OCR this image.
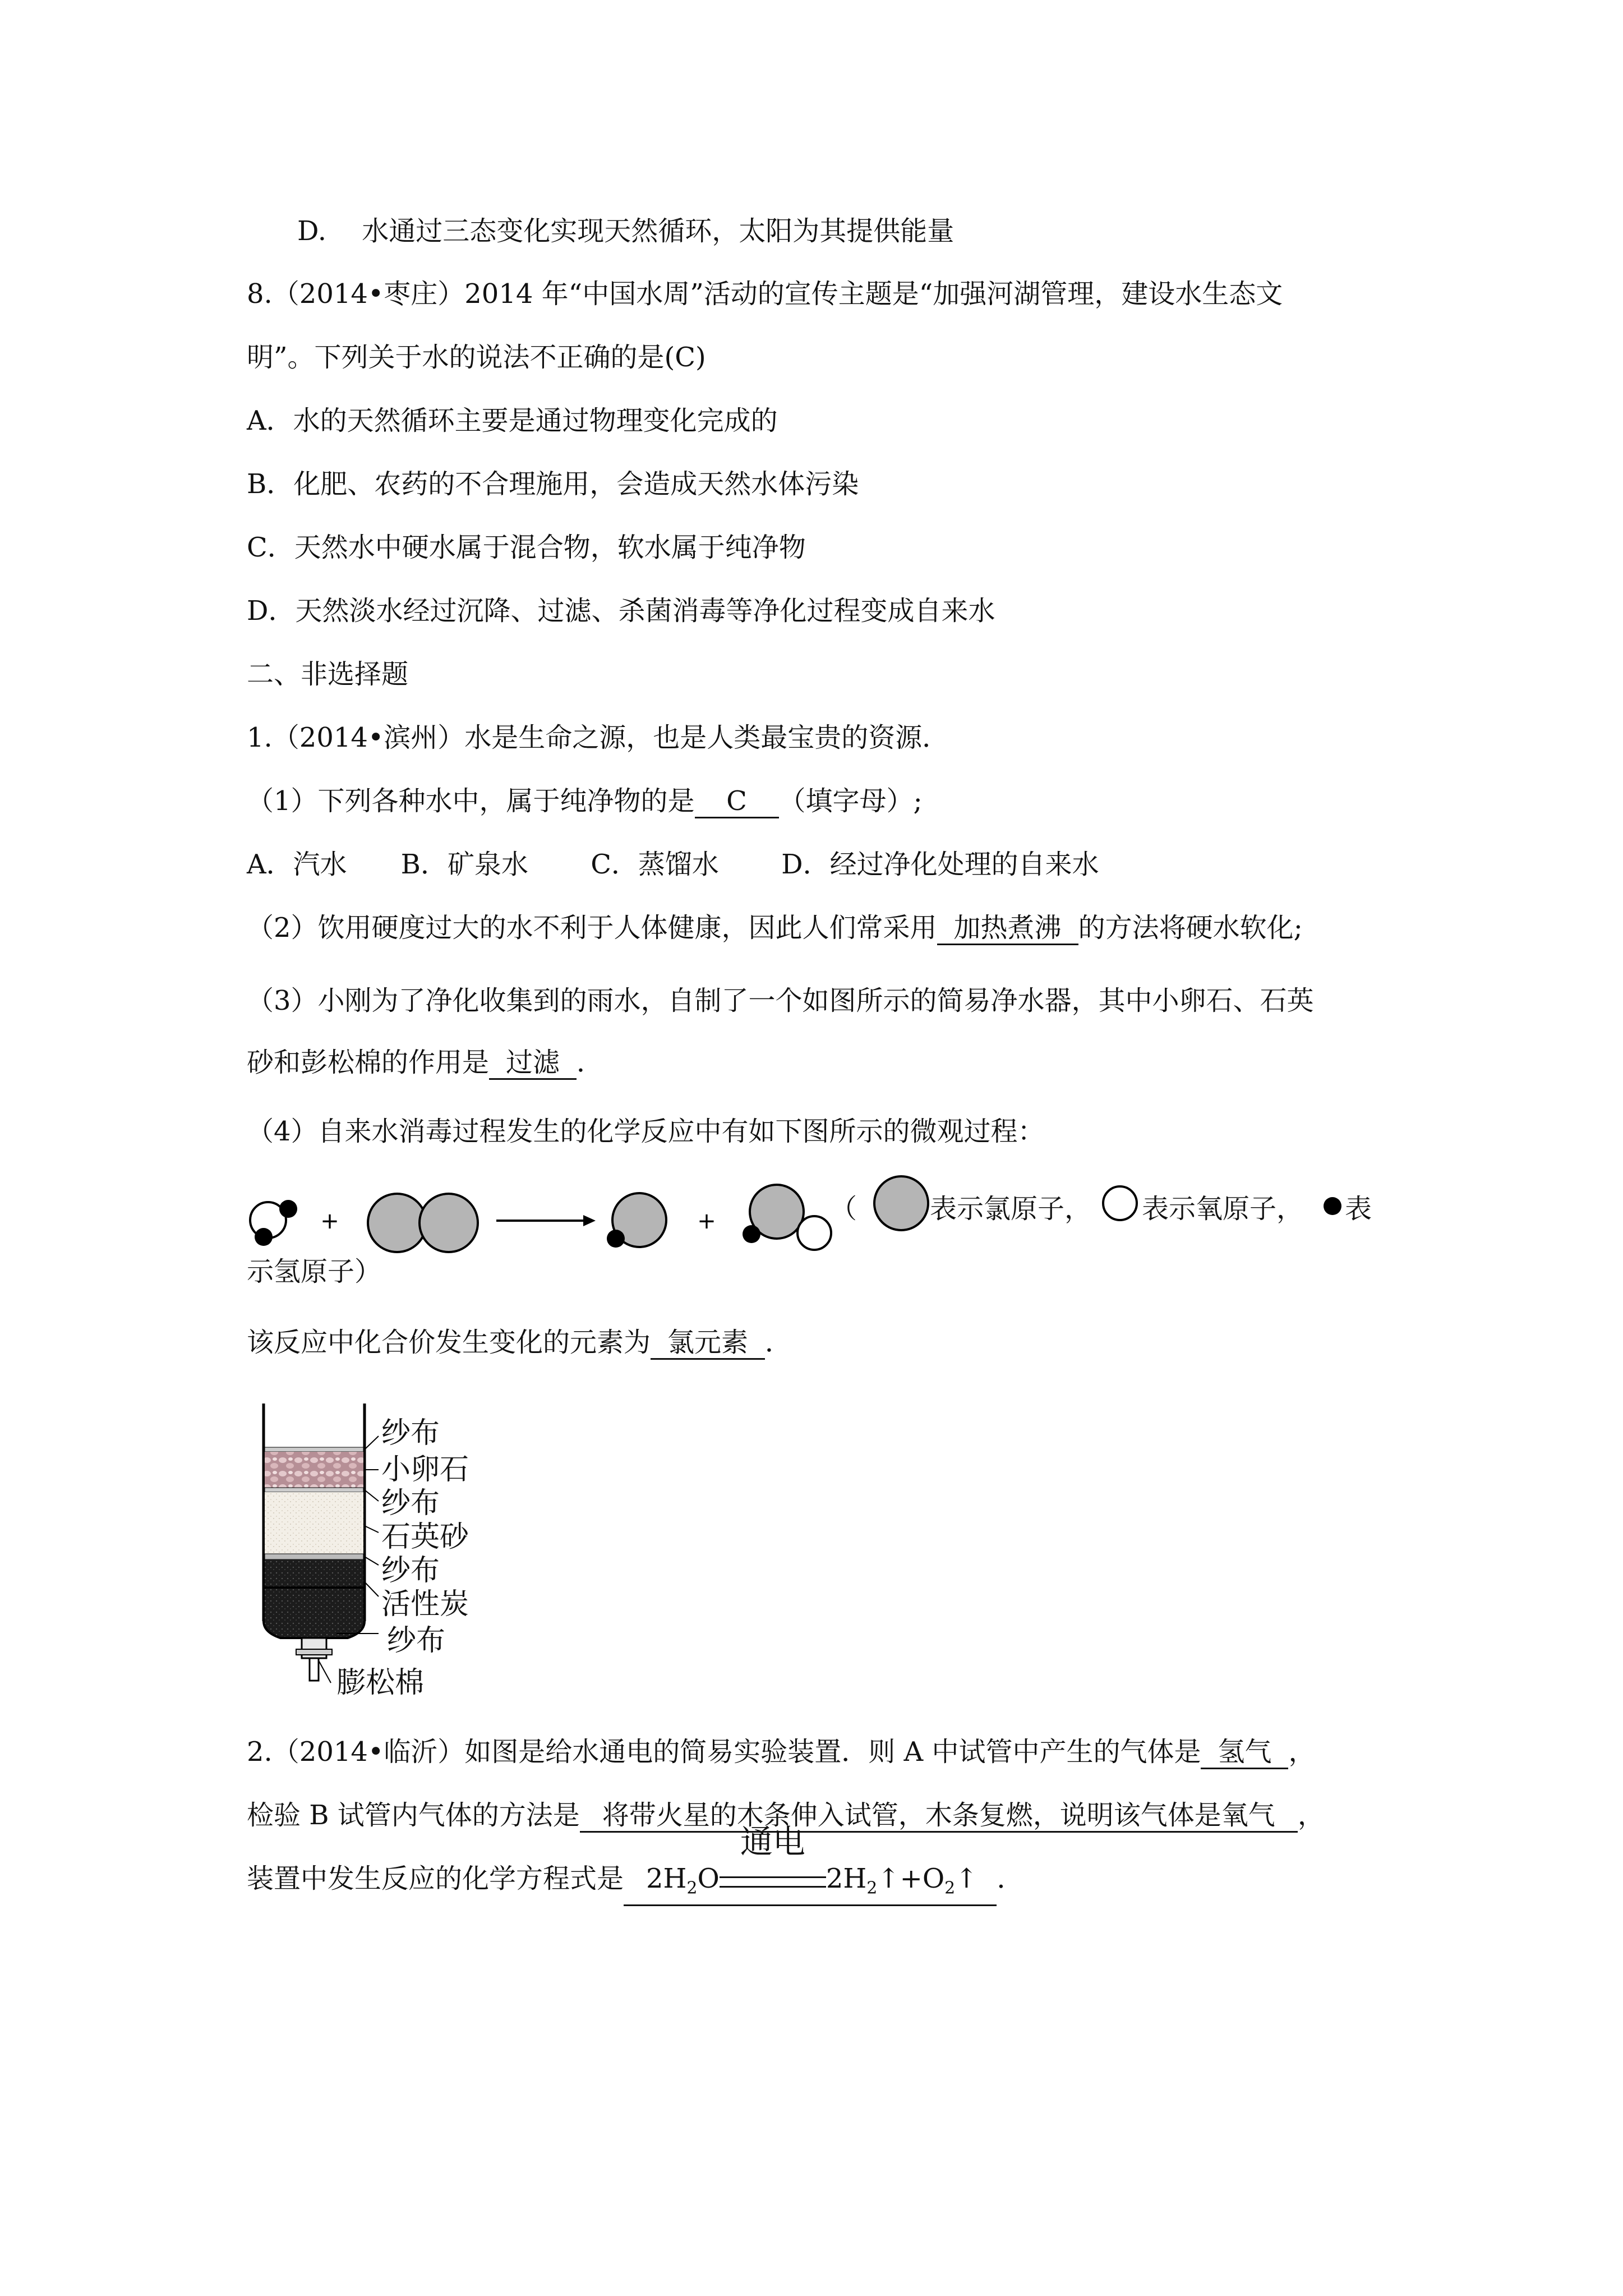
D.　 水通过三态变化实现天然循环，太阳为其提供能量
8.（2014•枣庄）2014 年“中国水周”活动的宣传主题是“加强河湖管理，建设水生态文
明”。下列关于水的说法不正确的是(C)
A．水的天然循环主要是通过物理变化完成的
B．化肥、农药的不合理施用，会造成天然水体污染
C．天然水中硬水属于混合物，软水属于纯净物
D．天然淡水经过沉降、过滤、杀菌消毒等净化过程变成自来水
二、非选择题
1.（2014•滨州）水是生命之源，也是人类最宝贵的资源．
（1）下列各种水中，属于纯净物的是 C （填字母）;
A．汽水　　B．矿泉水　　 C．蒸馏水　　 D．经过净化处理的自来水
（2）饮用硬度过大的水不利于人体健康，因此人们常采用 加热煮沸 的方法将硬水软化;
（3）小刚为了净化收集到的雨水，自制了一个如图所示的简易净水器，其中小卵石、石英
砂和彭松棉的作用是 过滤 ．
（4）自来水消毒过程发生的化学反应中有如下图所示的微观过程：
+	+	（	表示氯原子， 表示氧原子， 表
示氢原子）
该反应中化合价发生变化的元素为 氯元素 ．
纱布
小卵石
纱布
石英砂
纱布
活性炭
纱布
膨松棉
2.（2014•临沂）如图是给水通电的简易实验装置．则 A 中试管中产生的气体是 氢气 ，
检验 B 试管内气体的方法是 将带火星的木条伸入试管，木条复燃，说明该气体是氧气 ，
装置中发生反应的化学方程式是 $2H_2O$
通电
$2H_2↑+O_2↑$ ．
